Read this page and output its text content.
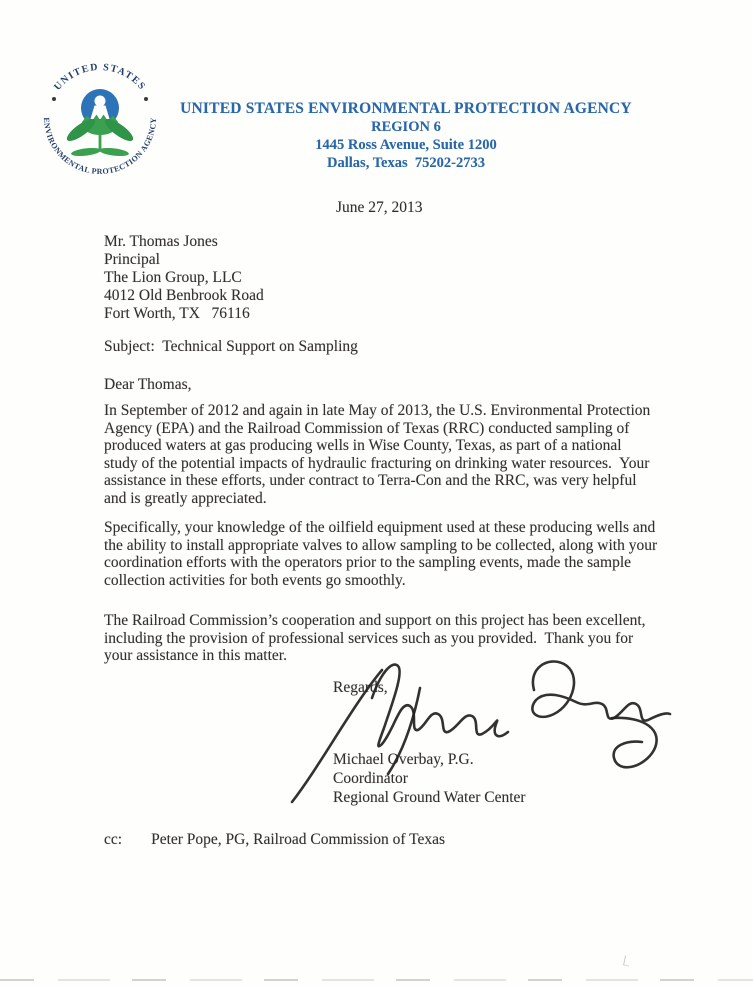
UNITED STATES
ENVIRONMENTAL PROTECTION AGENCY
UNITED STATES ENVIRONMENTAL PROTECTION AGENCY
REGION 6
1445 Ross Avenue, Suite 1200
Dallas, Texas  75202-2733
June 27, 2013
Mr. Thomas Jones
Principal
The Lion Group, LLC
4012 Old Benbrook Road
Fort Worth, TX   76116
Subject:  Technical Support on Sampling
Dear Thomas,
In September of 2012 and again in late May of 2013, the U.S. Environmental Protection
Agency (EPA) and the Railroad Commission of Texas (RRC) conducted sampling of
produced waters at gas producing wells in Wise County, Texas, as part of a national
study of the potential impacts of hydraulic fracturing on drinking water resources.  Your
assistance in these efforts, under contract to Terra-Con and the RRC, was very helpful
and is greatly appreciated.
Specifically, your knowledge of the oilfield equipment used at these producing wells and
the ability to install appropriate valves to allow sampling to be collected, along with your
coordination efforts with the operators prior to the sampling events, made the sample
collection activities for both events go smoothly.
The Railroad Commission’s cooperation and support on this project has been excellent,
including the provision of professional services such as you provided.  Thank you for
your assistance in this matter.
Regards,
Michael Overbay, P.G.
Coordinator
Regional Ground Water Center
cc: Peter Pope, PG, Railroad Commission of Texas
